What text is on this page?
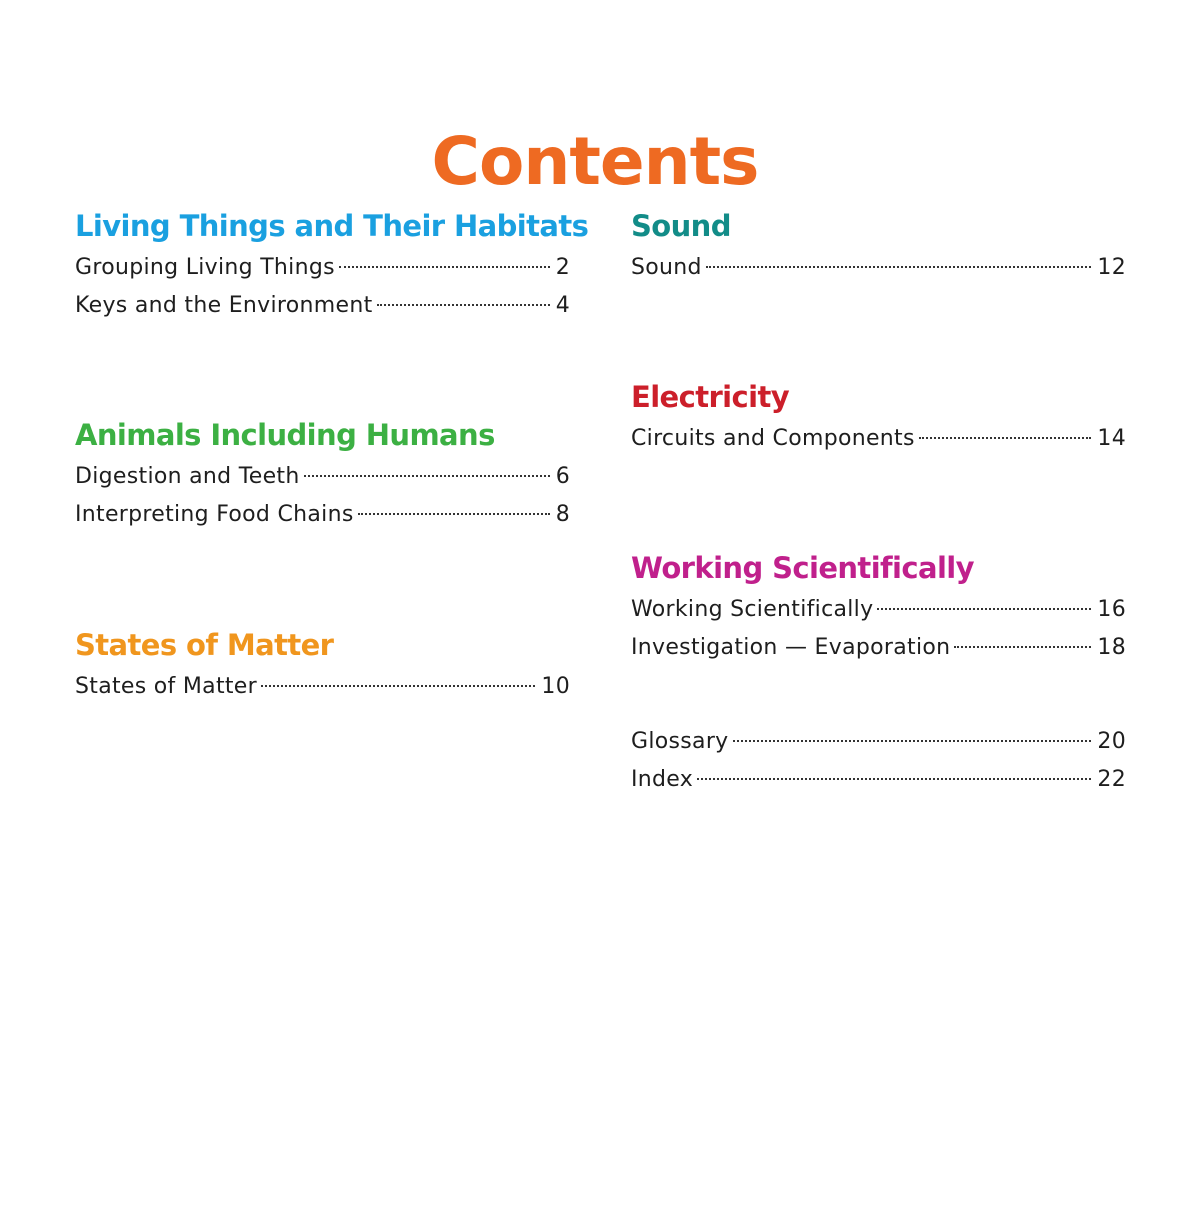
Contents
Living Things and Their Habitats
Grouping Living Things	2
Keys and the Environment	4
Animals Including Humans
Digestion and Teeth	6
Interpreting Food Chains	8
States of Matter
States of Matter	10
Sound
Sound	12
Electricity
Circuits and Components	14
Working Scientifically
Working Scientifically	16
Investigation — Evaporation	18
Glossary	20
Index	22
